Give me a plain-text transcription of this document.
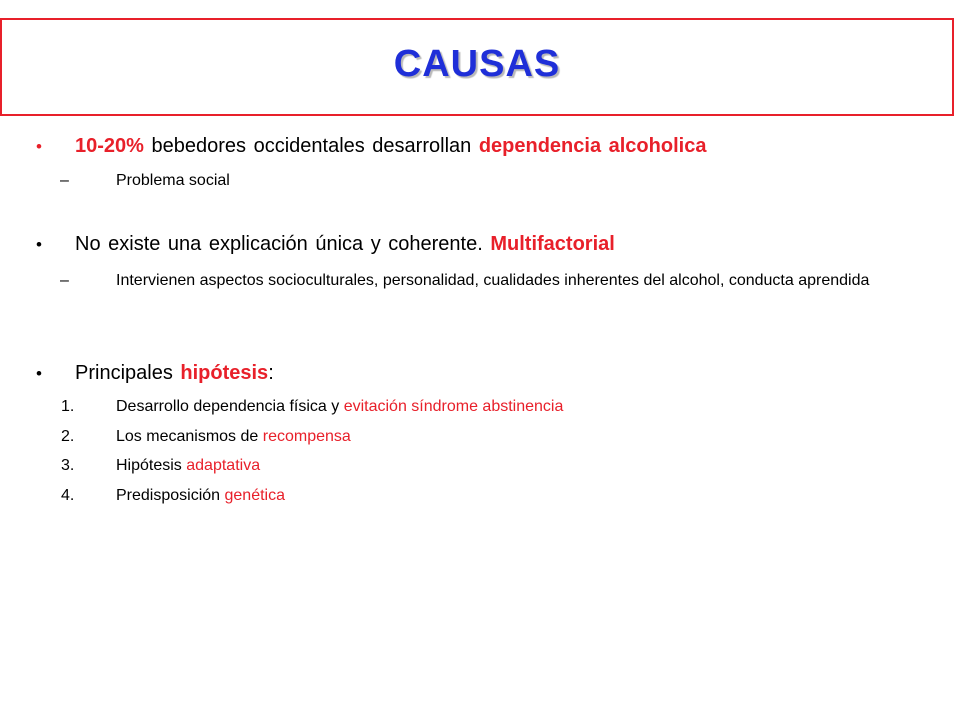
CAUSAS
• 10-20% bebedores occidentales desarrollan dependencia alcoholica
–	Problema social
• No existe una explicación única y coherente. Multifactorial
–	Intervienen aspectos socioculturales, personalidad, cualidades inherentes del alcohol, conducta aprendida
• Principales hipótesis:
1.	Desarrollo dependencia física y evitación síndrome abstinencia
2.	Los mecanismos de recompensa
3.	Hipótesis adaptativa
4.	Predisposición genética
